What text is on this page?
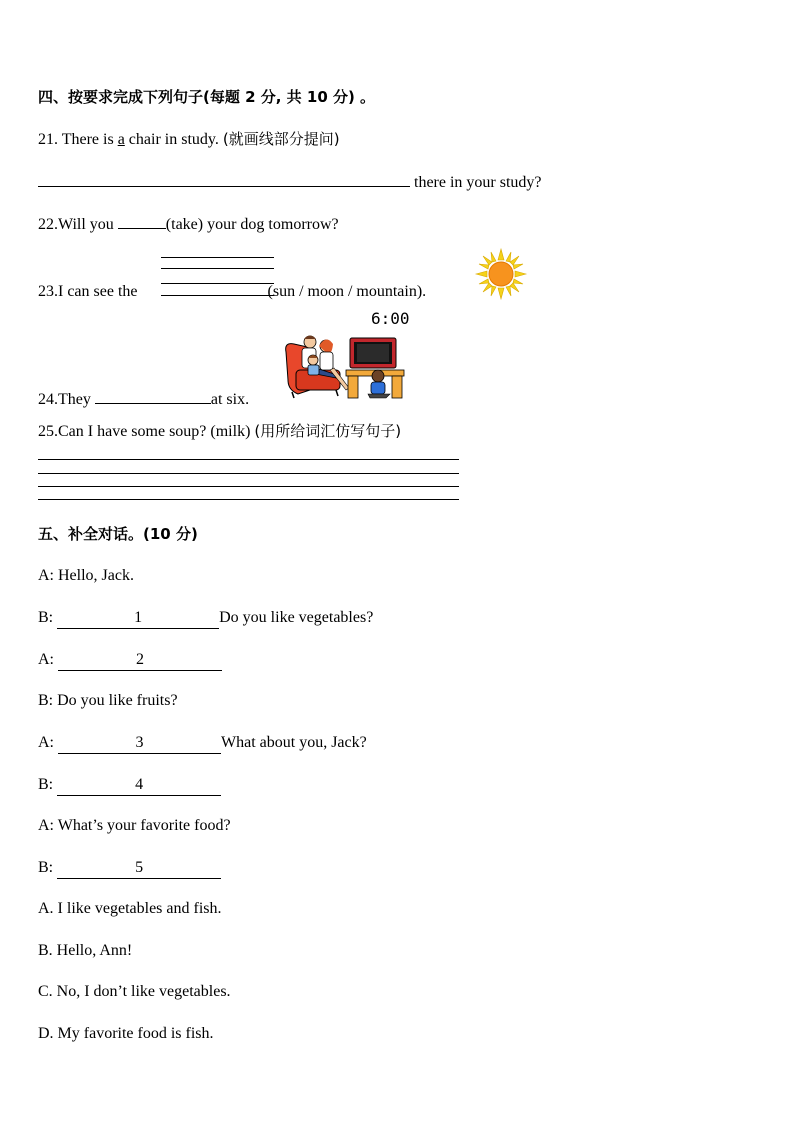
四、按要求完成下列句子(每题 2 分, 共 10 分) 。
21. There is a chair in study. (就画线部分提问)
there in your study?
22.Will you	(take) your dog tomorrow?
23.I can see the	(sun / moon / mountain).
6:00
24.They	at six.
25.Can I have some soup? (milk) (用所给词汇仿写句子)
五、补全对话。(10 分)
A: Hello, Jack.
B:	1	Do you like vegetables?
A:	2
B: Do you like fruits?
A:	3	What about you, Jack?
B:	4
A: What’s your favorite food?
B:	5
A. I like vegetables and fish.
B. Hello, Ann!
C. No, I don’t like vegetables.
D. My favorite food is fish.
